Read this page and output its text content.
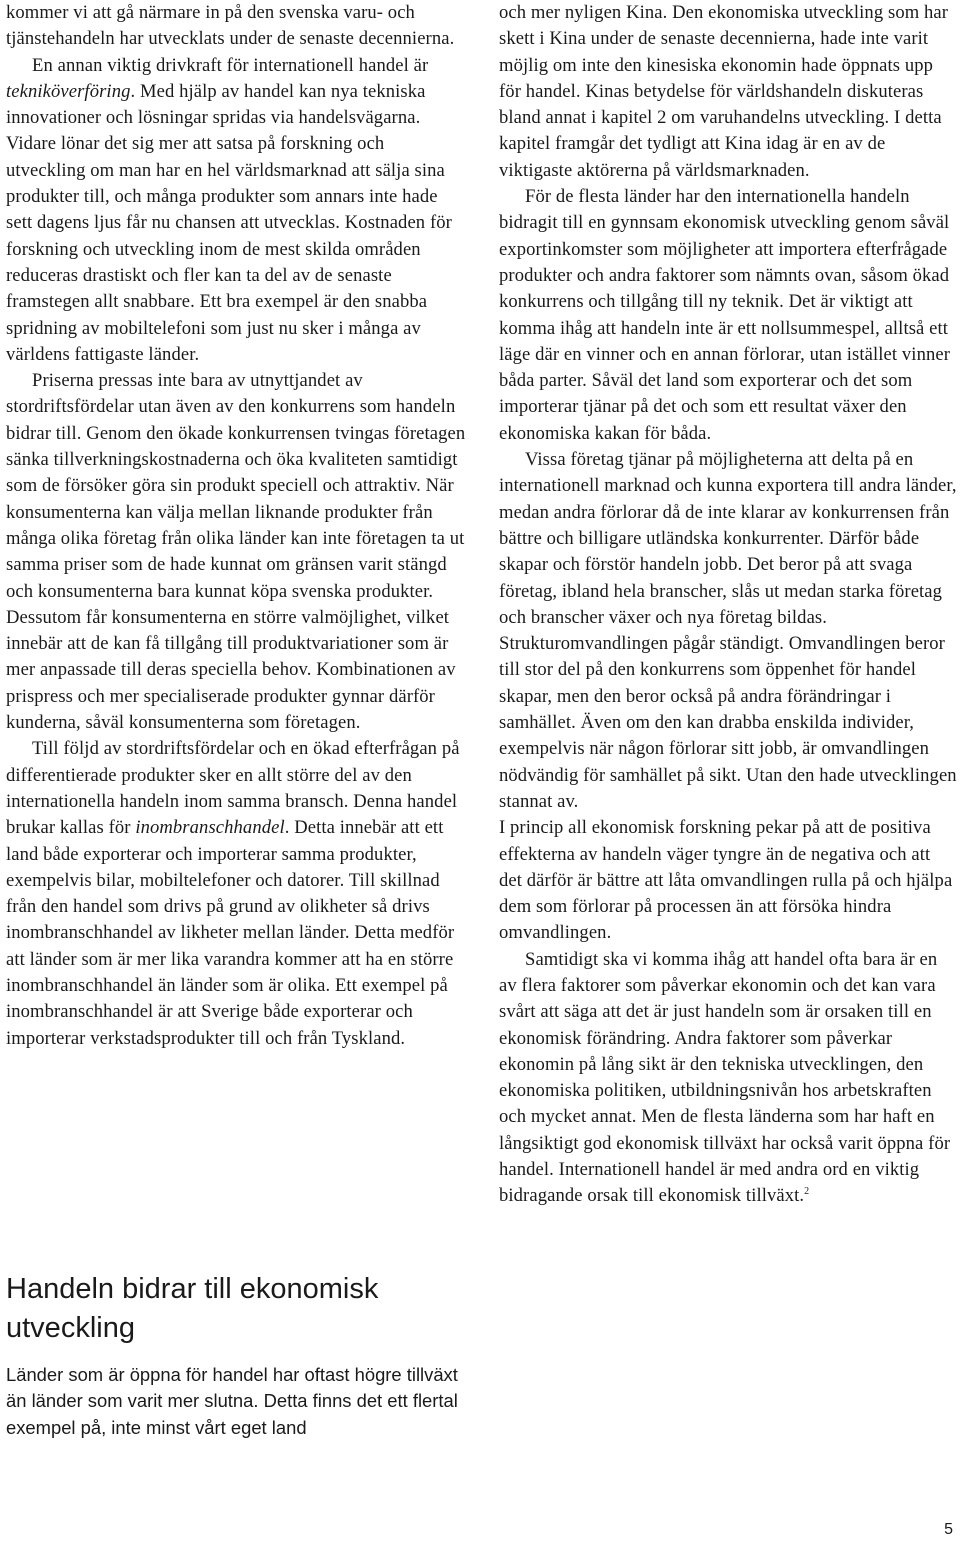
kommer vi att gå närmare in på den svenska varu- och tjänstehandeln har utvecklats under de senaste decennierna.

En annan viktig drivkraft för internationell handel är tekniköverföring. Med hjälp av handel kan nya tekniska innovationer och lösningar spridas via handelsvägarna. Vidare lönar det sig mer att satsa på forskning och utveckling om man har en hel världsmarknad att sälja sina produkter till, och många produkter som annars inte hade sett dagens ljus får nu chansen att utvecklas. Kostnaden för forskning och utveckling inom de mest skilda områden reduceras drastiskt och fler kan ta del av de senaste framstegen allt snabbare. Ett bra exempel är den snabba spridning av mobiltelefoni som just nu sker i många av världens fattigaste länder.

Priserna pressas inte bara av utnyttjandet av stordriftsfördelar utan även av den konkurrens som handeln bidrar till. Genom den ökade konkurrensen tvingas företagen sänka tillverkningskostnaderna och öka kvaliteten samtidigt som de försöker göra sin produkt speciell och attraktiv. När konsumenterna kan välja mellan liknande produkter från många olika företag från olika länder kan inte företagen ta ut samma priser som de hade kunnat om gränsen varit stängd och konsumenterna bara kunnat köpa svenska produkter. Dessutom får konsumenterna en större valmöjlighet, vilket innebär att de kan få tillgång till produktvariationer som är mer anpassade till deras speciella behov. Kombinationen av prispress och mer specialiserade produkter gynnar därför kunderna, såväl konsumenterna som företagen.

Till följd av stordriftsfördelar och en ökad efterfrågan på differentierade produkter sker en allt större del av den internationella handeln inom samma bransch. Denna handel brukar kallas för inombranschhandel. Detta innebär att ett land både exporterar och importerar samma produkter, exempelvis bilar, mobiltelefoner och datorer. Till skillnad från den handel som drivs på grund av olikheter så drivs inombranschhandel av likheter mellan länder. Detta medför att länder som är mer lika varandra kommer att ha en större inombranschhandel än länder som är olika. Ett exempel på inombranschhandel är att Sverige både exporterar och importerar verkstadsprodukter till och från Tyskland.

Handeln bidrar till ekonomisk utveckling

Länder som är öppna för handel har oftast högre tillväxt än länder som varit mer slutna. Detta finns det ett flertal exempel på, inte minst vårt eget land

och mer nyligen Kina. Den ekonomiska utveckling som har skett i Kina under de senaste decennierna, hade inte varit möjlig om inte den kinesiska ekonomin hade öppnats upp för handel. Kinas betydelse för världshandeln diskuteras bland annat i kapitel 2 om varuhandelns utveckling. I detta kapitel framgår det tydligt att Kina idag är en av de viktigaste aktörerna på världsmarknaden.

För de flesta länder har den internationella handeln bidragit till en gynnsam ekonomisk utveckling genom såväl exportinkomster som möjligheter att importera efterfrågade produkter och andra faktorer som nämnts ovan, såsom ökad konkurrens och tillgång till ny teknik. Det är viktigt att komma ihåg att handeln inte är ett nollsummespel, alltså ett läge där en vinner och en annan förlorar, utan istället vinner båda parter. Såväl det land som exporterar och det som importerar tjänar på det och som ett resultat växer den ekonomiska kakan för båda.

Vissa företag tjänar på möjligheterna att delta på en internationell marknad och kunna exportera till andra länder, medan andra förlorar då de inte klarar av konkurrensen från bättre och billigare utländska konkurrenter. Därför både skapar och förstör handeln jobb. Det beror på att svaga företag, ibland hela branscher, slås ut medan starka företag och branscher växer och nya företag bildas. Strukturomvandlingen pågår ständigt. Omvandlingen beror till stor del på den konkurrens som öppenhet för handel skapar, men den beror också på andra förändringar i samhället. Även om den kan drabba enskilda individer, exempelvis när någon förlorar sitt jobb, är omvandlingen nödvändig för samhället på sikt. Utan den hade utvecklingen stannat av.

I princip all ekonomisk forskning pekar på att de positiva effekterna av handeln väger tyngre än de negativa och att det därför är bättre att låta omvandlingen rulla på och hjälpa dem som förlorar på processen än att försöka hindra omvandlingen.

Samtidigt ska vi komma ihåg att handel ofta bara är en av flera faktorer som påverkar ekonomin och det kan vara svårt att säga att det är just handeln som är orsaken till en ekonomisk förändring. Andra faktorer som påverkar ekonomin på lång sikt är den tekniska utvecklingen, den ekonomiska politiken, utbildningsnivån hos arbetskraften och mycket annat. Men de flesta länderna som har haft en långsiktigt god ekonomisk tillväxt har också varit öppna för handel. Internationell handel är med andra ord en viktig bidragande orsak till ekonomisk tillväxt.$^2$

5
